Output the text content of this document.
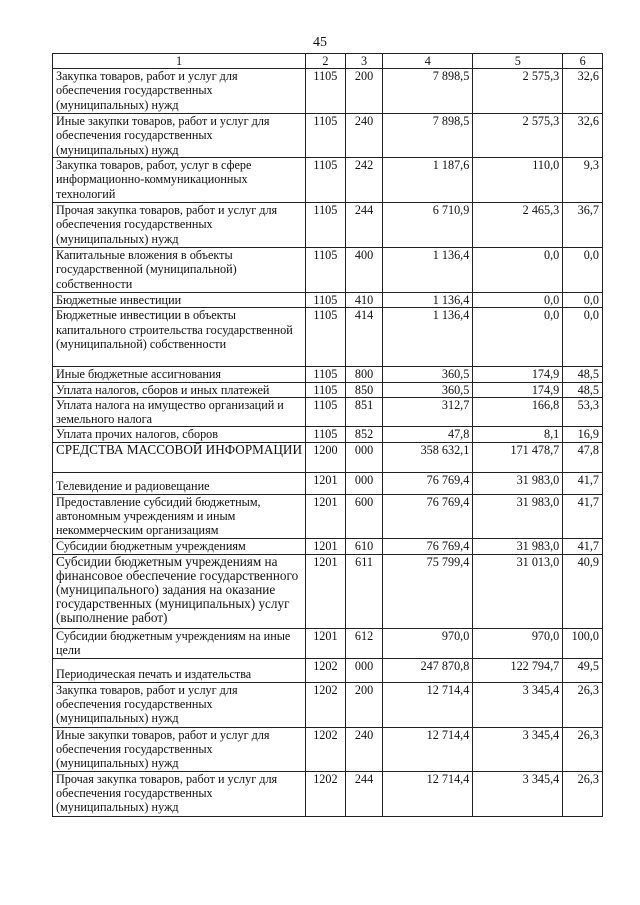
45
1	2	3	4	5	6
Закупка товаров, работ и услуг для обеспечения государственных (муниципальных) нужд	1105	200	7 898,5	2 575,3	32,6
Иные закупки товаров, работ и услуг для обеспечения государственных (муниципальных) нужд	1105	240	7 898,5	2 575,3	32,6
Закупка товаров, работ, услуг в сфере информационно-коммуникационных технологий	1105	242	1 187,6	110,0	9,3
Прочая закупка товаров, работ и услуг для обеспечения государственных (муниципальных) нужд	1105	244	6 710,9	2 465,3	36,7
Капитальные вложения в объекты государственной (муниципальной) собственности	1105	400	1 136,4	0,0	0,0
Бюджетные инвестиции	1105	410	1 136,4	0,0	0,0
Бюджетные инвестиции в объекты капитального строительства государственной (муниципальной) собственности	1105	414	1 136,4	0,0	0,0
Иные бюджетные ассигнования	1105	800	360,5	174,9	48,5
Уплата налогов, сборов и иных платежей	1105	850	360,5	174,9	48,5
Уплата налога на имущество организаций и земельного налога	1105	851	312,7	166,8	53,3
Уплата прочих налогов, сборов	1105	852	47,8	8,1	16,9
СРЕДСТВА МАССОВОЙ ИНФОРМАЦИИ	1200	000	358 632,1	171 478,7	47,8
Телевидение и радиовещание	1201	000	76 769,4	31 983,0	41,7
Предоставление субсидий бюджетным, автономным учреждениям и иным некоммерческим организациям	1201	600	76 769,4	31 983,0	41,7
Субсидии бюджетным учреждениям	1201	610	76 769,4	31 983,0	41,7
Субсидии бюджетным учреждениям на финансовое обеспечение государственного (муниципального) задания на оказание государственных (муниципальных) услуг (выполнение работ)	1201	611	75 799,4	31 013,0	40,9
Субсидии бюджетным учреждениям на иные цели	1201	612	970,0	970,0	100,0
Периодическая печать и издательства	1202	000	247 870,8	122 794,7	49,5
Закупка товаров, работ и услуг для обеспечения государственных (муниципальных) нужд	1202	200	12 714,4	3 345,4	26,3
Иные закупки товаров, работ и услуг для обеспечения государственных (муниципальных) нужд	1202	240	12 714,4	3 345,4	26,3
Прочая закупка товаров, работ и услуг для обеспечения государственных (муниципальных) нужд	1202	244	12 714,4	3 345,4	26,3
